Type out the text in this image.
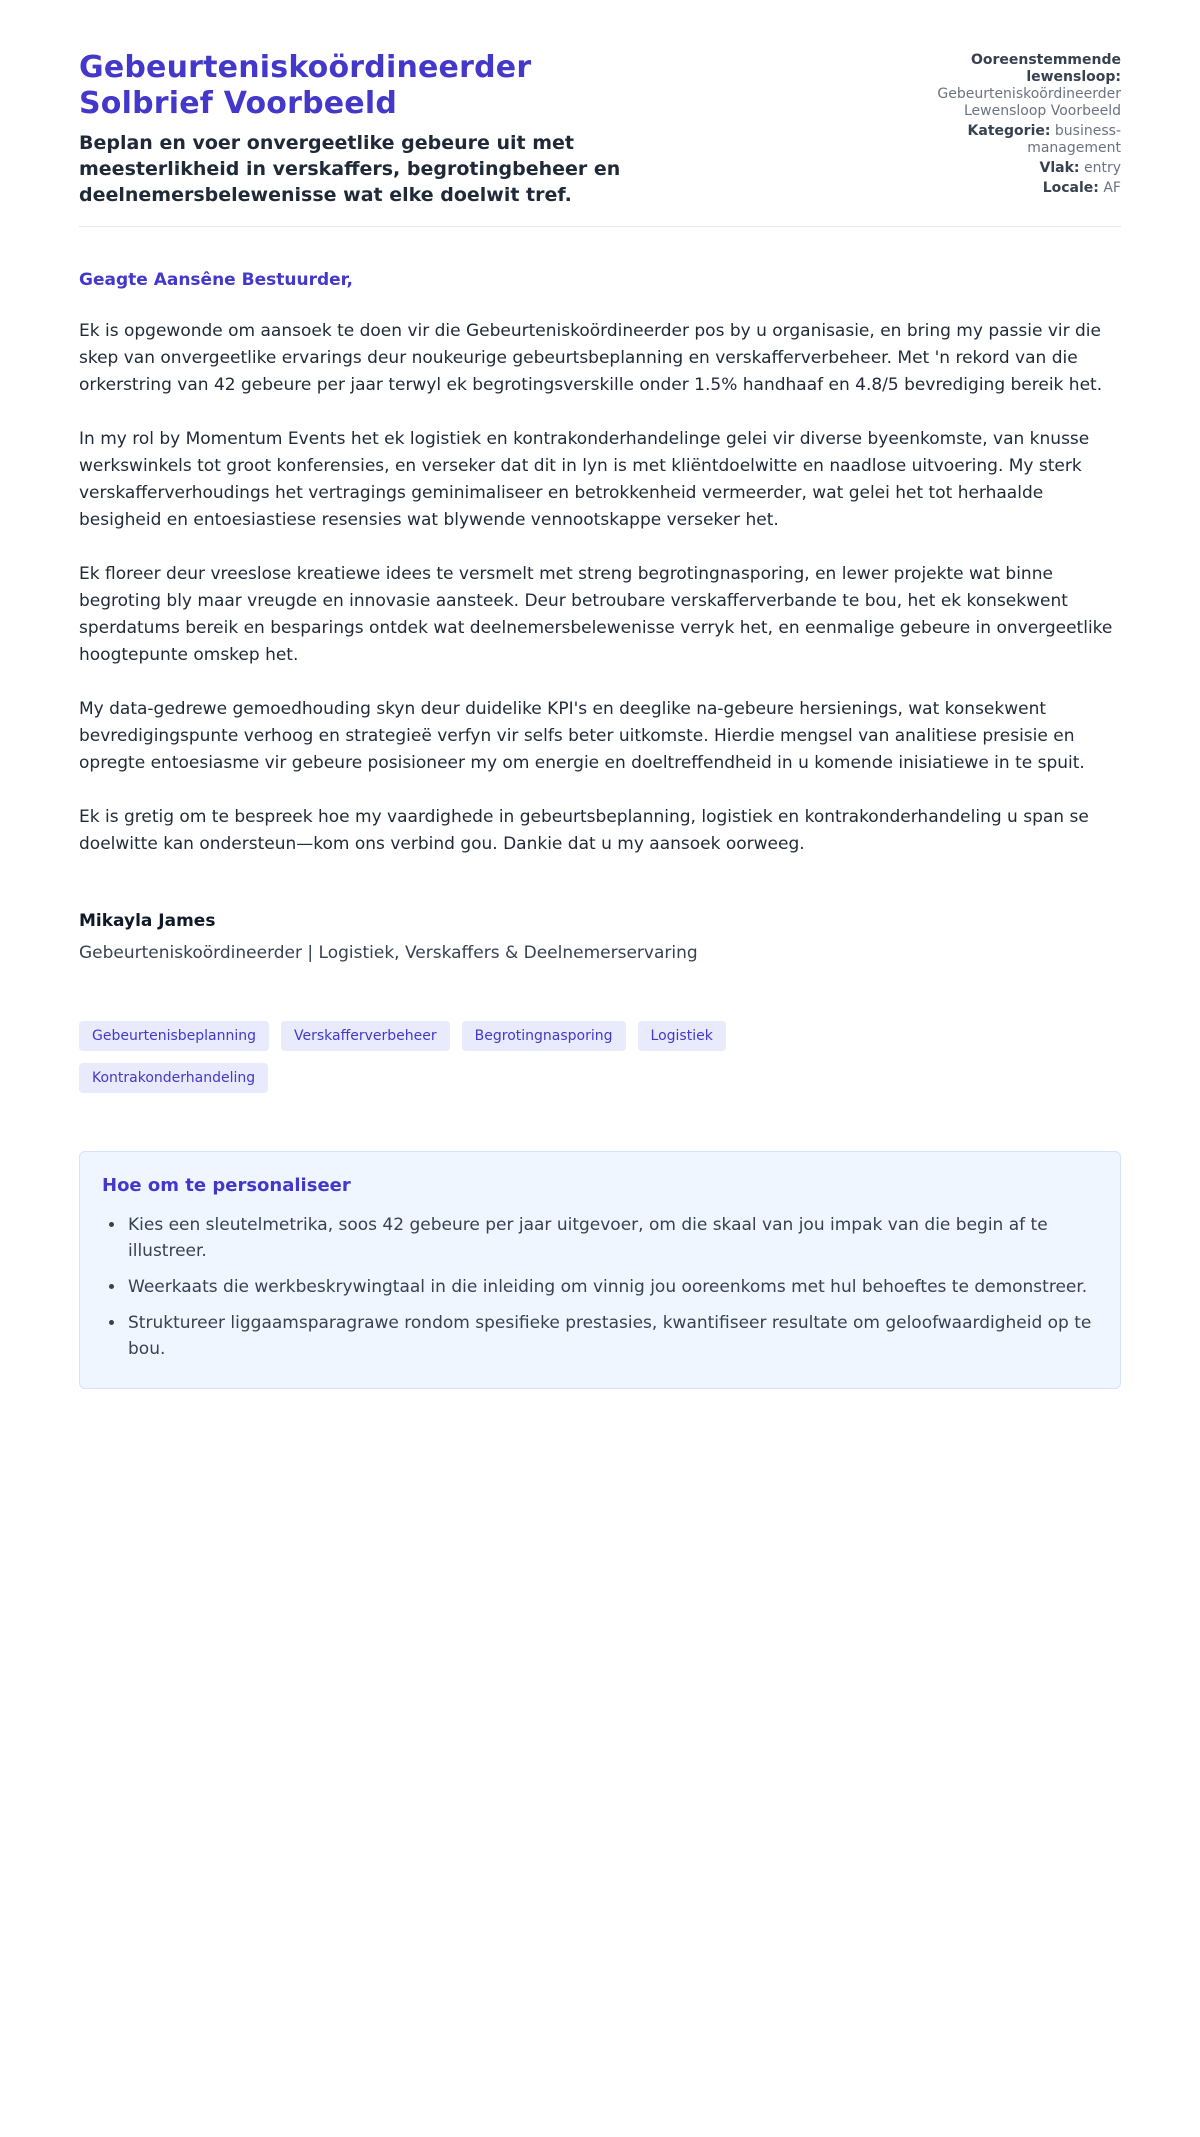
Gebeurteniskoördineerder
Solbrief Voorbeeld

Beplan en voer onvergeetlike gebeure uit met meesterlikheid in verskaffers, begrotingbeheer en deelnemersbelewenisse wat elke doelwit tref.

Ooreenstemmende lewensloop: Gebeurteniskoördineerder Lewensloop Voorbeeld
Kategorie: business-management
Vlak: entry
Locale: AF

Geagte Aansêne Bestuurder,

Ek is opgewonde om aansoek te doen vir die Gebeurteniskoördineerder pos by u organisasie, en bring my passie vir die skep van onvergeetlike ervarings deur noukeurige gebeurtsbeplanning en verskafferverbeheer. Met 'n rekord van die orkerstring van 42 gebeure per jaar terwyl ek begrotingsverskille onder 1.5% handhaaf en 4.8/5 bevrediging bereik het.

In my rol by Momentum Events het ek logistiek en kontrakonderhandelinge gelei vir diverse byeenkomste, van knusse werkswinkels tot groot konferensies, en verseker dat dit in lyn is met kliëntdoelwitte en naadlose uitvoering. My sterk verskafferverhoudings het vertragings geminimaliseer en betrokkenheid vermeerder, wat gelei het tot herhaalde besigheid en entoesiastiese resensies wat blywende vennootskappe verseker het.

Ek floreer deur vreeslose kreatiewe idees te versmelt met streng begrotingnasporing, en lewer projekte wat binne begroting bly maar vreugde en innovasie aansteek. Deur betroubare verskafferverbande te bou, het ek konsekwent sperdatums bereik en besparings ontdek wat deelnemersbelewenisse verryk het, en eenmalige gebeure in onvergeetlike hoogtepunte omskep het.

My data-gedrewe gemoedhouding skyn deur duidelike KPI's en deeglike na-gebeure hersienings, wat konsekwent bevredigingspunte verhoog en strategieë verfyn vir selfs beter uitkomste. Hierdie mengsel van analitiese presisie en opregte entoesiasme vir gebeure posisioneer my om energie en doeltreffendheid in u komende inisiatiewe in te spuit.

Ek is gretig om te bespreek hoe my vaardighede in gebeurtsbeplanning, logistiek en kontrakonderhandeling u span se doelwitte kan ondersteun—kom ons verbind gou. Dankie dat u my aansoek oorweeg.

Mikayla James

Gebeurteniskoördineerder | Logistiek, Verskaffers & Deelnemerservaring

Gebeurtenisbeplanning	Verskafferverbeheer	Begrotingnasporing	Logistiek
Kontrakonderhandeling
Hoe om te personaliseer
• Kies een sleutelmetrika, soos 42 gebeure per jaar uitgevoer, om die skaal van jou impak van die begin af te illustreer.
• Weerkaats die werkbeskrywingtaal in die inleiding om vinnig jou ooreenkoms met hul behoeftes te demonstreer.
• Struktureer liggaamsparagrawe rondom spesifieke prestasies, kwantifiseer resultate om geloofwaardigheid op te bou.
